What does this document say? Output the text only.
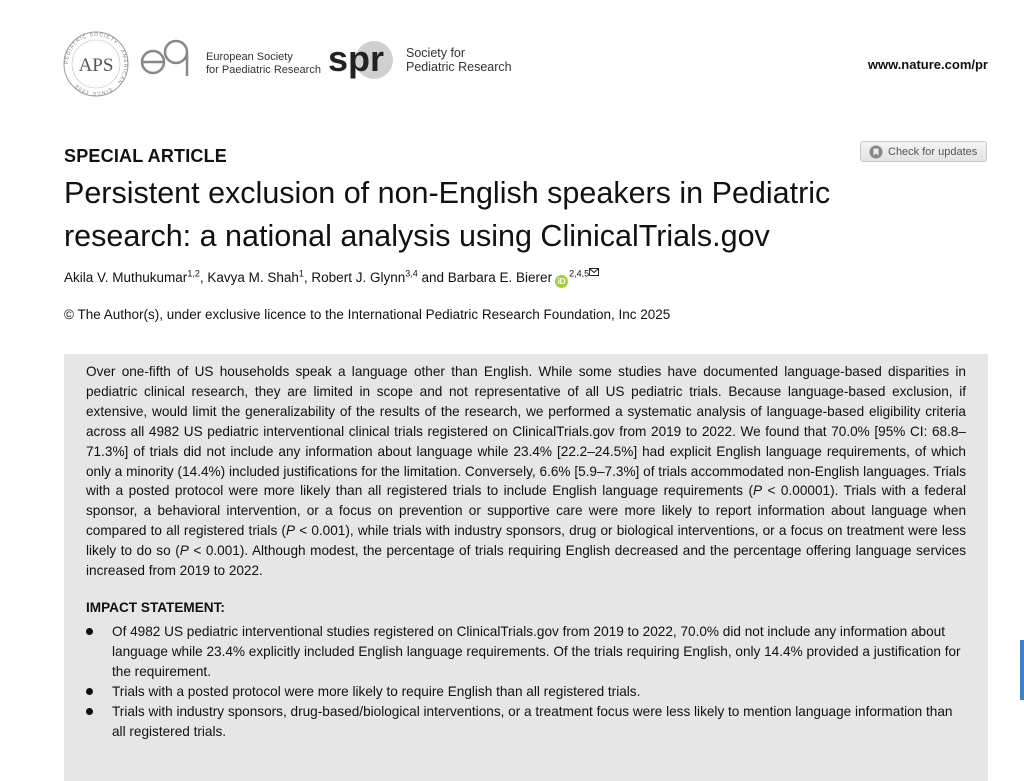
PEDIATRIC SOCIETY · AMERICAN · SINCE 1888
APS	European Society
for Paediatric Research spr Society for
Pediatric Research	www.nature.com/pr
Check for updates
SPECIAL ARTICLE
Persistent exclusion of non-English speakers in Pediatric research: a national analysis using ClinicalTrials.gov
Akila V. Muthukumar$^{1,2}$, Kavya M. Shah$^1$, Robert J. Glynn$^{3,4}$ and Barbara E. Bierer iD$^{2,4,5}$
© The Author(s), under exclusive licence to the International Pediatric Research Foundation, Inc 2025

Over one-fifth of US households speak a language other than English. While some studies have documented language-based disparities in pediatric clinical research, they are limited in scope and not representative of all US pediatric trials. Because language-based exclusion, if extensive, would limit the generalizability of the results of the research, we performed a systematic analysis of language-based eligibility criteria across all 4982 US pediatric interventional clinical trials registered on ClinicalTrials.gov from 2019 to 2022. We found that 70.0% [95% CI: 68.8–71.3%] of trials did not include any information about language while 23.4% [22.2–24.5%] had explicit English language requirements, of which only a minority (14.4%) included justifications for the limitation. Conversely, 6.6% [5.9–7.3%] of trials accommodated non-English languages. Trials with a posted protocol were more likely than all registered trials to include English language requirements (P < 0.00001). Trials with a federal sponsor, a behavioral intervention, or a focus on prevention or supportive care were more likely to report information about language when compared to all registered trials (P < 0.001), while trials with industry sponsors, drug or biological interventions, or a focus on treatment were less likely to do so (P < 0.001). Although modest, the percentage of trials requiring English decreased and the percentage offering language services increased from 2019 to 2022.

IMPACT STATEMENT:
Of 4982 US pediatric interventional studies registered on ClinicalTrials.gov from 2019 to 2022, 70.0% did not include any information about language while 23.4% explicitly included English language requirements. Of the trials requiring English, only 14.4% provided a justification for the requirement.
Trials with a posted protocol were more likely to require English than all registered trials.
Trials with industry sponsors, drug-based/biological interventions, or a treatment focus were less likely to mention language information than all registered trials.
